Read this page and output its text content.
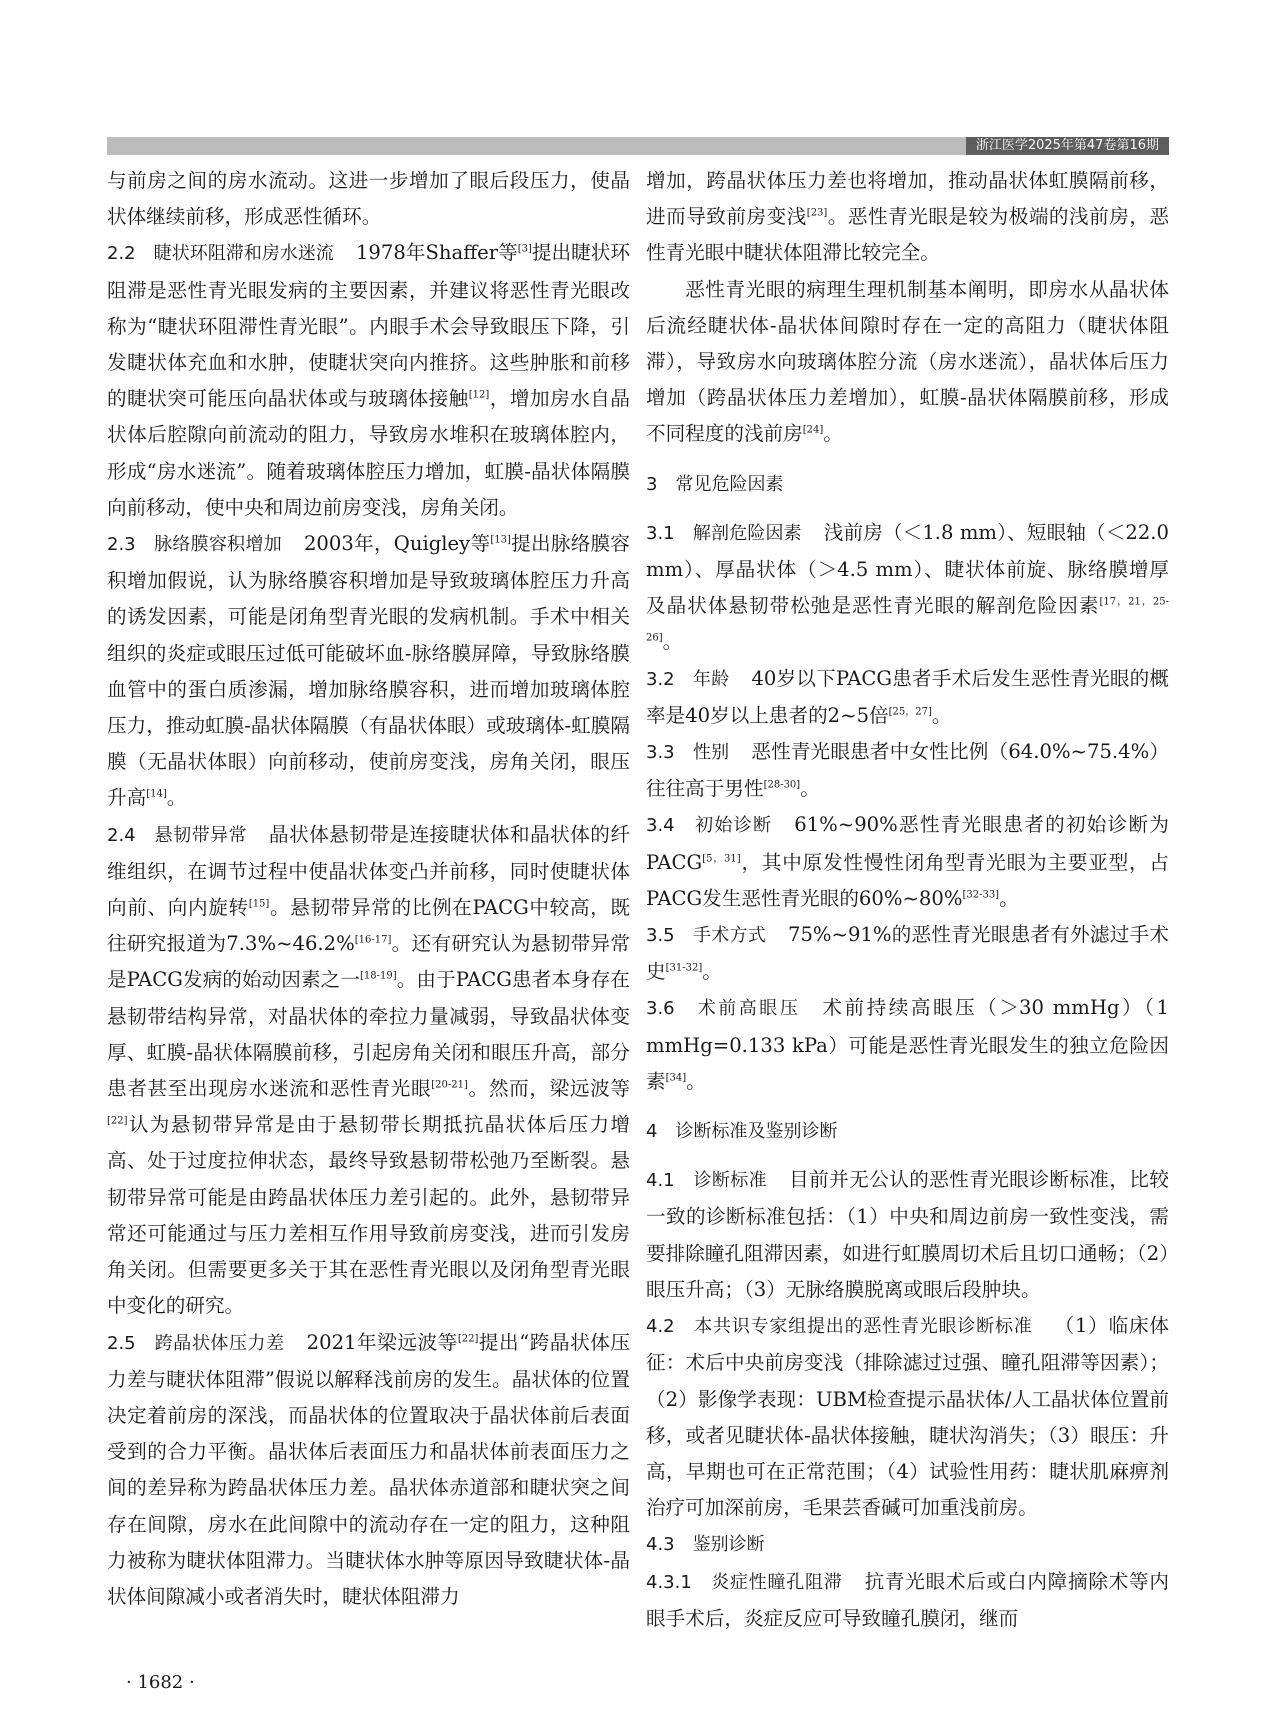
浙江医学2025年第47卷第16期

与前房之间的房水流动。这进一步增加了眼后段压力，使晶状体继续前移，形成恶性循环。

2.2　睫状环阻滞和房水迷流 1978年Shaffer等[3]提出睫状环阻滞是恶性青光眼发病的主要因素，并建议将恶性青光眼改称为“睫状环阻滞性青光眼”。内眼手术会导致眼压下降，引发睫状体充血和水肿，使睫状突向内推挤。这些肿胀和前移的睫状突可能压向晶状体或与玻璃体接触[12]，增加房水自晶状体后腔隙向前流动的阻力，导致房水堆积在玻璃体腔内，形成“房水迷流”。随着玻璃体腔压力增加，虹膜-晶状体隔膜向前移动，使中央和周边前房变浅，房角关闭。

2.3　脉络膜容积增加 2003年，Quigley等[13]提出脉络膜容积增加假说，认为脉络膜容积增加是导致玻璃体腔压力升高的诱发因素，可能是闭角型青光眼的发病机制。手术中相关组织的炎症或眼压过低可能破坏血-脉络膜屏障，导致脉络膜血管中的蛋白质渗漏，增加脉络膜容积，进而增加玻璃体腔压力，推动虹膜-晶状体隔膜（有晶状体眼）或玻璃体-虹膜隔膜（无晶状体眼）向前移动，使前房变浅，房角关闭，眼压升高[14]。

2.4　悬韧带异常 晶状体悬韧带是连接睫状体和晶状体的纤维组织，在调节过程中使晶状体变凸并前移，同时使睫状体向前、向内旋转[15]。悬韧带异常的比例在PACG中较高，既往研究报道为7.3%~46.2%[16-17]。还有研究认为悬韧带异常是PACG发病的始动因素之一[18-19]。由于PACG患者本身存在悬韧带结构异常，对晶状体的牵拉力量减弱，导致晶状体变厚、虹膜-晶状体隔膜前移，引起房角关闭和眼压升高，部分患者甚至出现房水迷流和恶性青光眼[20-21]。然而，梁远波等[22]认为悬韧带异常是由于悬韧带长期抵抗晶状体后压力增高、处于过度拉伸状态，最终导致悬韧带松弛乃至断裂。悬韧带异常可能是由跨晶状体压力差引起的。此外，悬韧带异常还可能通过与压力差相互作用导致前房变浅，进而引发房角关闭。但需要更多关于其在恶性青光眼以及闭角型青光眼中变化的研究。

2.5　跨晶状体压力差 2021年梁远波等[22]提出“跨晶状体压力差与睫状体阻滞”假说以解释浅前房的发生。晶状体的位置决定着前房的深浅，而晶状体的位置取决于晶状体前后表面受到的合力平衡。晶状体后表面压力和晶状体前表面压力之间的差异称为跨晶状体压力差。晶状体赤道部和睫状突之间存在间隙，房水在此间隙中的流动存在一定的阻力，这种阻力被称为睫状体阻滞力。当睫状体水肿等原因导致睫状体-晶状体间隙减小或者消失时，睫状体阻滞力

增加，跨晶状体压力差也将增加，推动晶状体虹膜隔前移，进而导致前房变浅[23]。恶性青光眼是较为极端的浅前房，恶性青光眼中睫状体阻滞比较完全。

恶性青光眼的病理生理机制基本阐明，即房水从晶状体后流经睫状体-晶状体间隙时存在一定的高阻力（睫状体阻滞），导致房水向玻璃体腔分流（房水迷流），晶状体后压力增加（跨晶状体压力差增加），虹膜-晶状体隔膜前移，形成不同程度的浅前房[24]。

3　常见危险因素

3.1　解剖危险因素 浅前房（＜1.8 mm）、短眼轴（＜22.0 mm）、厚晶状体（＞4.5 mm）、睫状体前旋、脉络膜增厚及晶状体悬韧带松弛是恶性青光眼的解剖危险因素[17，21，25-26]。

3.2　年龄 40岁以下PACG患者手术后发生恶性青光眼的概率是40岁以上患者的2~5倍[25，27]。

3.3　性别 恶性青光眼患者中女性比例（64.0%~75.4%）往往高于男性[28-30]。

3.4　初始诊断 61%~90%恶性青光眼患者的初始诊断为PACG[5，31]，其中原发性慢性闭角型青光眼为主要亚型，占PACG发生恶性青光眼的60%~80%[32-33]。

3.5　手术方式 75%~91%的恶性青光眼患者有外滤过手术史[31-32]。

3.6　术前高眼压 术前持续高眼压（＞30 mmHg）（1 mmHg=0.133 kPa）可能是恶性青光眼发生的独立危险因素[34]。

4　诊断标准及鉴别诊断

4.1　诊断标准 目前并无公认的恶性青光眼诊断标准，比较一致的诊断标准包括：（1）中央和周边前房一致性变浅，需要排除瞳孔阻滞因素，如进行虹膜周切术后且切口通畅；（2）眼压升高；（3）无脉络膜脱离或眼后段肿块。

4.2　本共识专家组提出的恶性青光眼诊断标准 （1）临床体征：术后中央前房变浅（排除滤过过强、瞳孔阻滞等因素）；（2）影像学表现：UBM检查提示晶状体/人工晶状体位置前移，或者见睫状体-晶状体接触，睫状沟消失；（3）眼压：升高，早期也可在正常范围；（4）试验性用药：睫状肌麻痹剂治疗可加深前房，毛果芸香碱可加重浅前房。

4.3　鉴别诊断

4.3.1　炎症性瞳孔阻滞 抗青光眼术后或白内障摘除术等内眼手术后，炎症反应可导致瞳孔膜闭，继而

· 1682 ·
